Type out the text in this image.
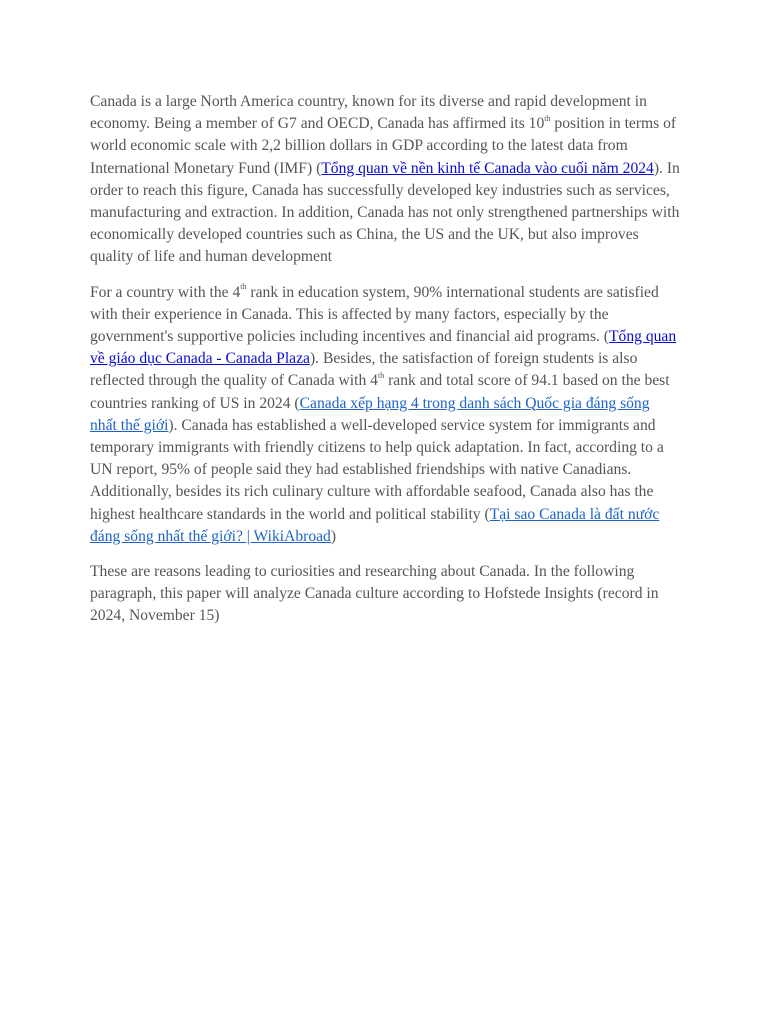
Canada is a large North America country, known for its diverse and rapid development in economy. Being a member of G7 and OECD, Canada has affirmed its 10th position in terms of world economic scale with 2,2 billion dollars in GDP according to the latest data from International Monetary Fund (IMF) (Tổng quan về nền kinh tế Canada vào cuối năm 2024). In order to reach this figure, Canada has successfully developed key industries such as services, manufacturing and extraction. In addition, Canada has not only strengthened partnerships with economically developed countries such as China, the US and the UK, but also improves quality of life and human development

For a country with the 4th rank in education system, 90% international students are satisfied with their experience in Canada. This is affected by many factors, especially by the government's supportive policies including incentives and financial aid programs. (Tổng quan về giáo dục Canada - Canada Plaza). Besides, the satisfaction of foreign students is also reflected through the quality of Canada with 4th rank and total score of 94.1 based on the best countries ranking of US in 2024 (Canada xếp hạng 4 trong danh sách Quốc gia đáng sống nhất thế giới). Canada has established a well-developed service system for immigrants and temporary immigrants with friendly citizens to help quick adaptation. In fact, according to a UN report, 95% of people said they had established friendships with native Canadians. Additionally, besides its rich culinary culture with affordable seafood, Canada also has the highest healthcare standards in the world and political stability (Tại sao Canada là đất nước đáng sống nhất thế giới? | WikiAbroad)

These are reasons leading to curiosities and researching about Canada. In the following paragraph, this paper will analyze Canada culture according to Hofstede Insights (record in 2024, November 15)
